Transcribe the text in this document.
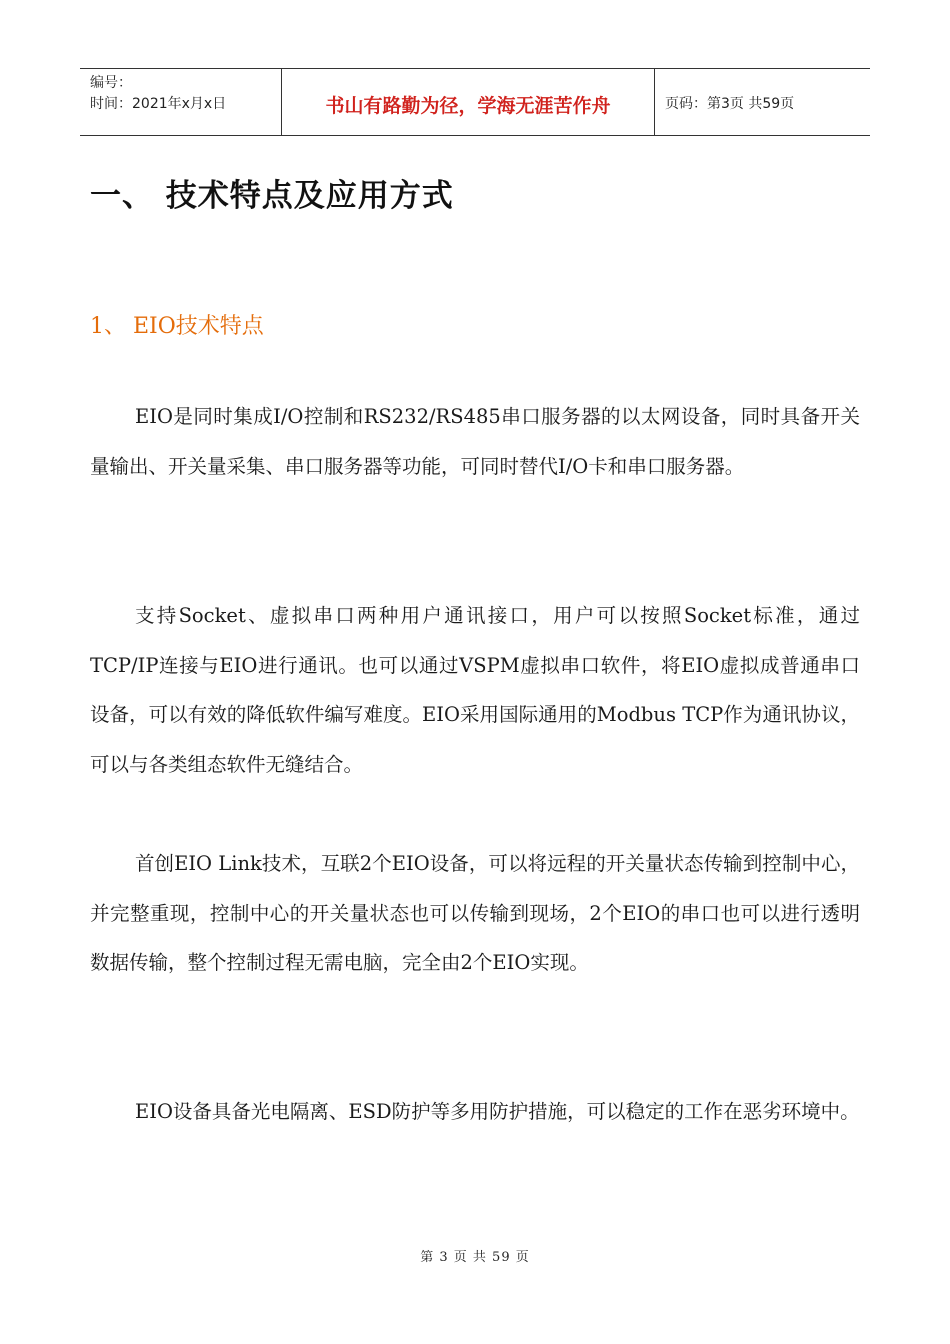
编号：
时间：2021年x月x日	书山有路勤为径，学海无涯苦作舟	页码：第3页 共59页
一、 技术特点及应用方式
1、 EIO技术特点

EIO是同时集成I/O控制和RS232/RS485串口服务器的以太网设备，同时具备开关量输出、开关量采集、串口服务器等功能，可同时替代I/O卡和串口服务器。

支持Socket、虚拟串口两种用户通讯接口，用户可以按照Socket标准，通过TCP/IP连接与EIO进行通讯。也可以通过VSPM虚拟串口软件，将EIO虚拟成普通串口设备，可以有效的降低软件编写难度。EIO采用国际通用的Modbus TCP作为通讯协议，可以与各类组态软件无缝结合。

首创EIO Link技术，互联2个EIO设备，可以将远程的开关量状态传输到控制中心，并完整重现，控制中心的开关量状态也可以传输到现场，2个EIO的串口也可以进行透明数据传输，整个控制过程无需电脑，完全由2个EIO实现。

EIO设备具备光电隔离、ESD防护等多用防护措施，可以稳定的工作在恶劣环境中。

第 3 页 共 59 页
